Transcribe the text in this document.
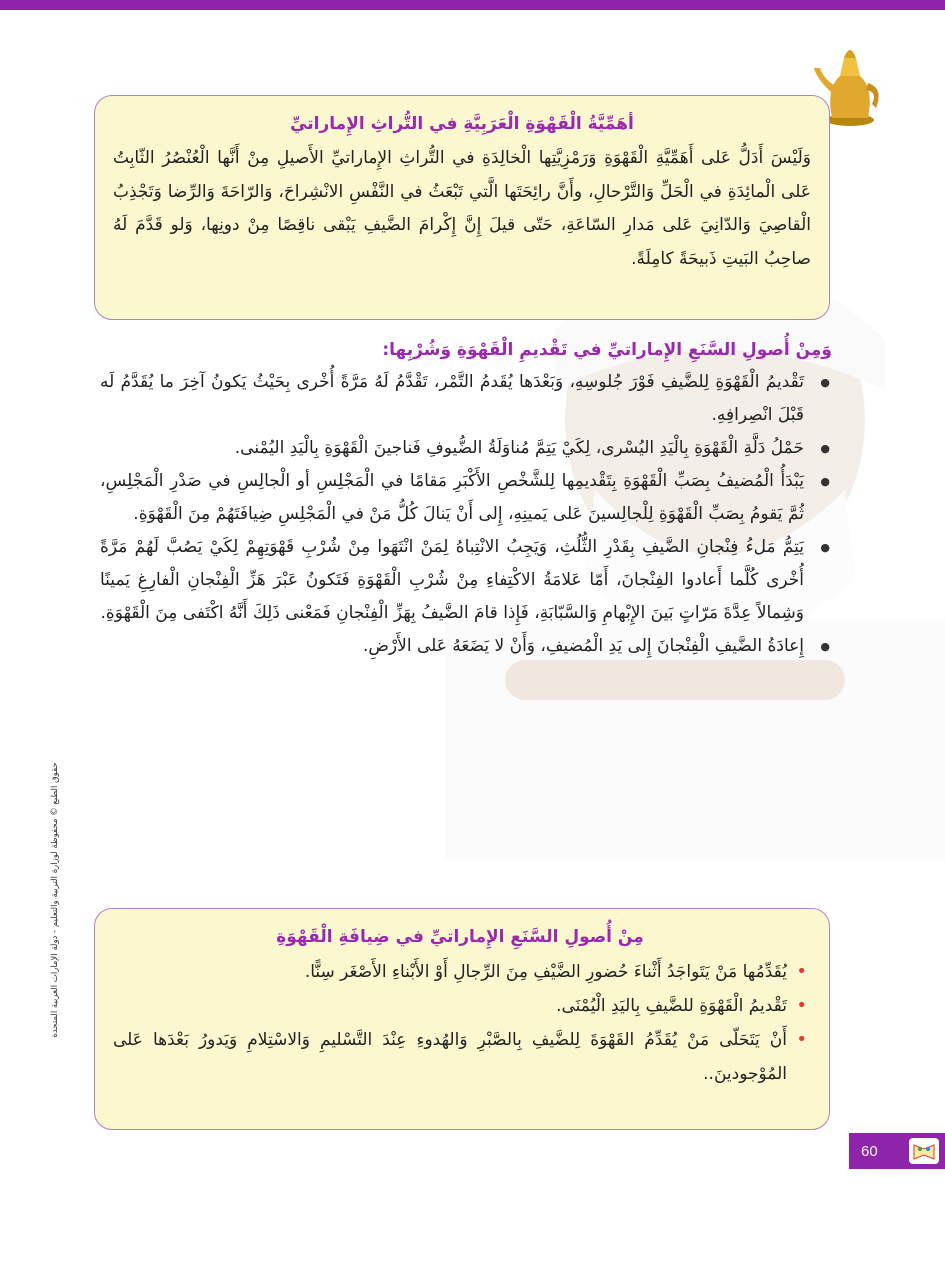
أهَمِّيَّةُ الْقَهْوَةِ الْعَرَبِيَّةِ في التُّراثِ الإِماراتيِّ

وَلَيْسَ أَدَلُّ عَلى أَهَمِّيَّةِ الْقَهْوَةِ وَرَمْزِيَّتِها الْخالِدَةِ في التُّراثِ الإِماراتيِّ الأَصيلِ مِنْ أَنَّها الْعُنْصُرُ الثّابِتُ عَلى الْمائِدَةِ في الْحَلِّ وَالتَّرْحالِ، وأَنَّ رائِحَتَها الَّتي تَبْعَثُ في النَّفْسِ الانْشِراحَ، وَالرّاحَةَ وَالرِّضا وَتَجْذِبُ الْقاصِيَ وَالدّانِيَ عَلى مَدارِ السّاعَةِ، حَتّى قيلَ إِنَّ إِكْرامَ الضَّيفِ يَبْقى ناقِصًا مِنْ دونِها، وَلو قَدَّمَ لَهُ صاحِبُ البَيتِ ذَبيحَةً كامِلَةً.

وَمِنْ أُصولِ السَّنَعِ الإِماراتيِّ في تَقْديمِ الْقَهْوَةِ وَشُرْبِها:

● تَقْديمُ الْقَهْوَةِ لِلضَّيفِ فَوْرَ جُلوسِهِ، وَبَعْدَها يُقَدمُ التَّمْر، تَقْدَّمُ لَهُ مَرَّةً أُخْرى بِحَيْثُ يَكونُ آخِرَ ما يُقَدَّمُ لَه قَبْلَ انْصِرافِهِ.
● حَمْلُ دَلَّةِ الْقَهْوَةِ بِالْيَدِ اليُسْرى، لِكَيْ يَتِمَّ مُناوَلَةُ الضُّيوفِ فَناجينَ الْقَهْوَةِ بِالْيَدِ اليُمْنى.
● يَبْدَأُ الْمُضيفُ بِصَبِّ الْقَهْوَةِ بِتَقْديمِها لِلشَّخْصِ الأَكْبَرِ مَقامًا في الْمَجْلِسِ أو الْجالِسِ في صَدْرِ الْمَجْلِسِ، ثُمَّ يَقومُ بِصَبِّ الْقَهْوَةِ لِلْجالِسينَ عَلى يَمينِهِ، إِلى أَنْ يَنالَ كُلُّ مَنْ في الْمَجْلِسِ ضِيافَتَهُمْ مِنَ الْقَهْوَةِ.
● يَتِمُّ مَلءُ فِنْجانِ الضَّيفِ بِقَدْرِ الثُّلُثِ، وَيَجِبُ الانْتِباهُ لِمَنْ انْتَهَوا مِنْ شُرْبِ قَهْوَتِهِمْ لِكَيْ يَصُبَّ لَهُمْ مَرَّةً أُخْرى كُلَّما أَعادوا الفِنْجانَ، أَمّا عَلامَةُ الاكْتِفاءِ مِنْ شُرْبِ الْقَهْوَةِ فَتَكونُ عَبْرَ هَزِّ الْفِنْجانِ الْفارِغِ يَمينًا وَشِمالاً عِدَّةَ مَرّاتٍ بَينَ الإِبْهامِ وَالسَّبّابَةِ، فَإِذا قامَ الضَّيفُ بِهَزِّ الْفِنْجانِ فَمَعْنى ذَلِكَ أَنَّهُ اكْتَفى مِنَ الْقَهْوَةِ.
● إِعادَةُ الضَّيفِ الْفِنْجانَ إِلى يَدِ الْمُضيفِ، وَأَنْ لا يَضَعَهُ عَلى الأَرْضِ.
حقوق الطبع © محفوظة لوزارة التربية والتعليم - دولة الإمارات العربية المتحدة	مِنْ أُصولِ السَّنَعِ الإِماراتيِّ في ضِيافَةِ الْقَهْوَةِ

• يُقَدِّمُها مَنْ يَتَواجَدُ أَثْناءَ حُضورِ الضَّيْفِ مِنَ الرِّجالِ أَوْ الأَبْناءِ الأَصْغَر سِنًّا.
• تَقْديمُ الْقَهْوَةِ للضَّيفِ بِاليَدِ الْيُمْنَى.
• أَنْ يَتَحَلّى مَنْ يُقَدِّمُ القَهْوَةَ لِلضَّيفِ بِالصَّبْرِ وَالهُدوءِ عِنْدَ التَّسْليمِ وَالاسْتِلامِ وَيَدورُ بَعْدَها عَلى المُوْجودينَ..
60
